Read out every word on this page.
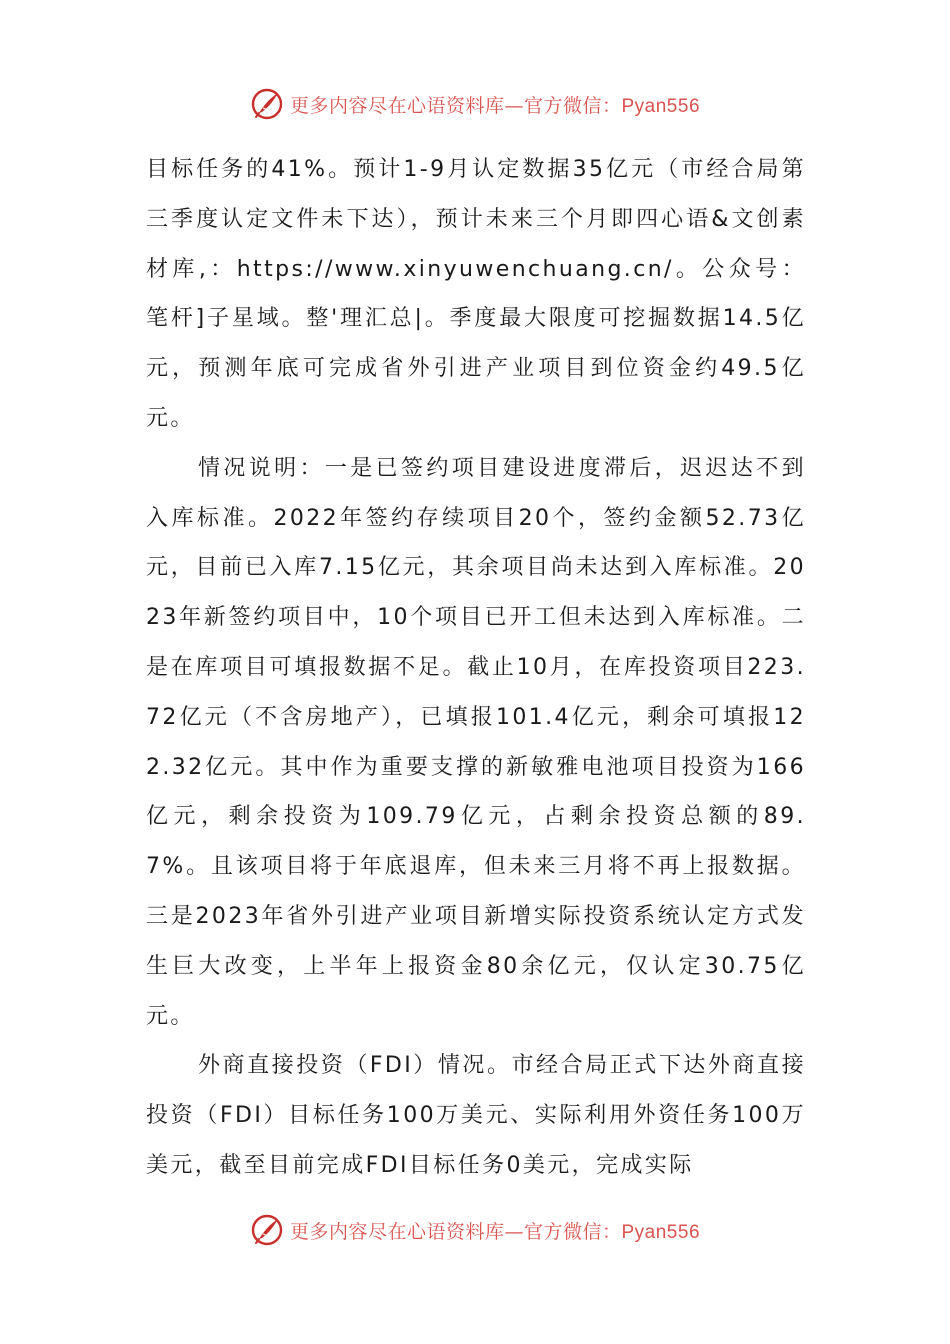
更多内容尽在心语资料库—官方微信：Pyan556

目标任务的41%。预计1-9月认定数据35亿元（市经合局第三季度认定文件未下达），预计未来三个月即四心语&文创素材库,：https://www.xinyuwenchuang.cn/。公众号：笔杆]子星域。整'理汇总|。季度最大限度可挖掘数据14.5亿元，预测年底可完成省外引进产业项目到位资金约49.5亿元。

情况说明：一是已签约项目建设进度滞后，迟迟达不到入库标准。2022年签约存续项目20个，签约金额52.73亿元，目前已入库7.15亿元，其余项目尚未达到入库标准。2023年新签约项目中，10个项目已开工但未达到入库标准。二是在库项目可填报数据不足。截止10月，在库投资项目223.72亿元（不含房地产），已填报101.4亿元，剩余可填报122.32亿元。其中作为重要支撑的新敏雅电池项目投资为166亿元，剩余投资为109.79亿元，占剩余投资总额的89.7%。且该项目将于年底退库，但未来三月将不再上报数据。三是2023年省外引进产业项目新增实际投资系统认定方式发生巨大改变，上半年上报资金80余亿元，仅认定30.75亿元。

外商直接投资（FDI）情况。市经合局正式下达外商直接投资（FDI）目标任务100万美元、实际利用外资任务100万美元，截至目前完成FDI目标任务0美元，完成实际

更多内容尽在心语资料库—官方微信：Pyan556
